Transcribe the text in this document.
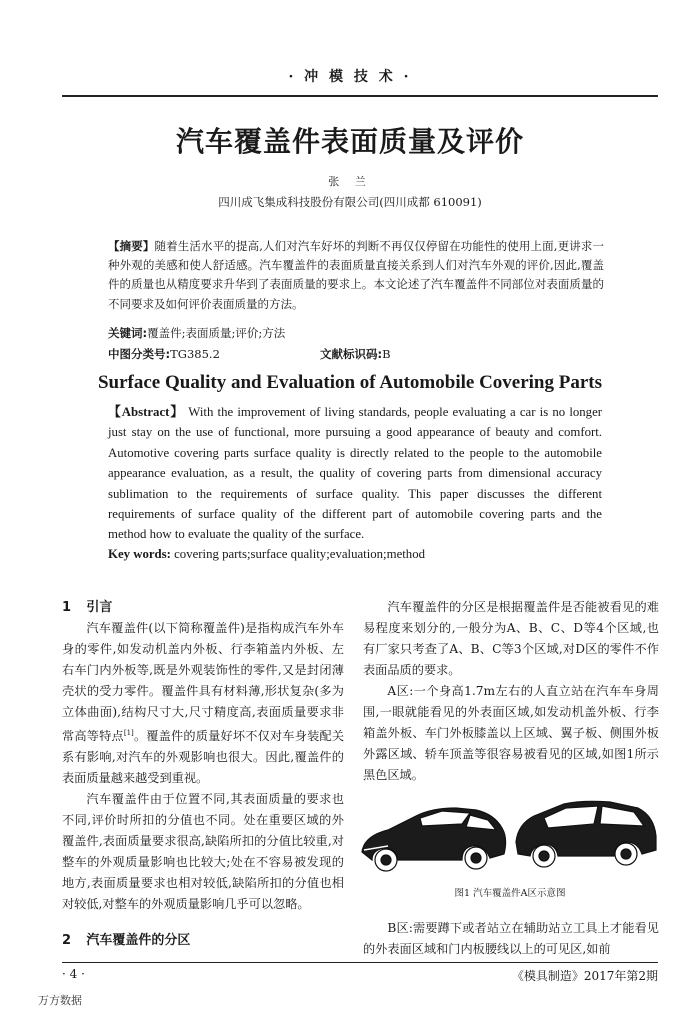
· 冲 模 技 术 ·
汽车覆盖件表面质量及评价
张 兰
四川成飞集成科技股份有限公司(四川成都 610091)

【摘要】随着生活水平的提高,人们对汽车好坏的判断不再仅仅停留在功能性的使用上面,更讲求一种外观的美感和使人舒适感。汽车覆盖件的表面质量直接关系到人们对汽车外观的评价,因此,覆盖件的质量也从精度要求升华到了表面质量的要求上。本文论述了汽车覆盖件不同部位对表面质量的不同要求及如何评价表面质量的方法。

关键词:覆盖件;表面质量;评价;方法
中图分类号:TG385.2	文献标识码:B
Surface Quality and Evaluation of Automobile Covering Parts

【Abstract】 With the improvement of living standards, people evaluating a car is no longer just stay on the use of functional, more pursuing a good appearance of beauty and comfort. Automotive covering parts surface quality is directly related to the people to the automobile appearance evaluation, as a result, the quality of covering parts from dimensional accuracy sublimation to the requirements of surface quality. This paper discusses the different requirements of surface quality of the different part of automobile covering parts and the method how to evaluate the quality of the surface.

Key words: covering parts;surface quality;evaluation;method
1 引言

汽车覆盖件(以下简称覆盖件)是指构成汽车外车身的零件,如发动机盖内外板、行李箱盖内外板、左右车门内外板等,既是外观装饰性的零件,又是封闭薄壳状的受力零件。覆盖件具有材料薄,形状复杂(多为立体曲面),结构尺寸大,尺寸精度高,表面质量要求非常高等特点[1]。覆盖件的质量好坏不仅对车身装配关系有影响,对汽车的外观影响也很大。因此,覆盖件的表面质量越来越受到重视。

汽车覆盖件由于位置不同,其表面质量的要求也不同,评价时所扣的分值也不同。处在重要区域的外覆盖件,表面质量要求很高,缺陷所扣的分值比较重,对整车的外观质量影响也比较大;处在不容易被发现的地方,表面质量要求也相对较低,缺陷所扣的分值也相对较低,对整车的外观质量影响几乎可以忽略。

2 汽车覆盖件的分区

汽车覆盖件的分区是根据覆盖件是否能被看见的难易程度来划分的,一般分为A、B、C、D等4个区域,也有厂家只考查了A、B、C等3个区域,对D区的零件不作表面品质的要求。

A区:一个身高1.7m左右的人直立站在汽车车身周围,一眼就能看见的外表面区域,如发动机盖外板、行李箱盖外板、车门外板膝盖以上区域、翼子板、侧围外板外露区域、轿车顶盖等很容易被看见的区域,如图1所示黑色区域。

图1 汽车覆盖件A区示意图

B区:需要蹲下或者站立在辅助站立工具上才能看见的外表面区域和门内板腰线以上的可见区,如前

· 4 ·	《模具制造》2017年第2期
万方数据
